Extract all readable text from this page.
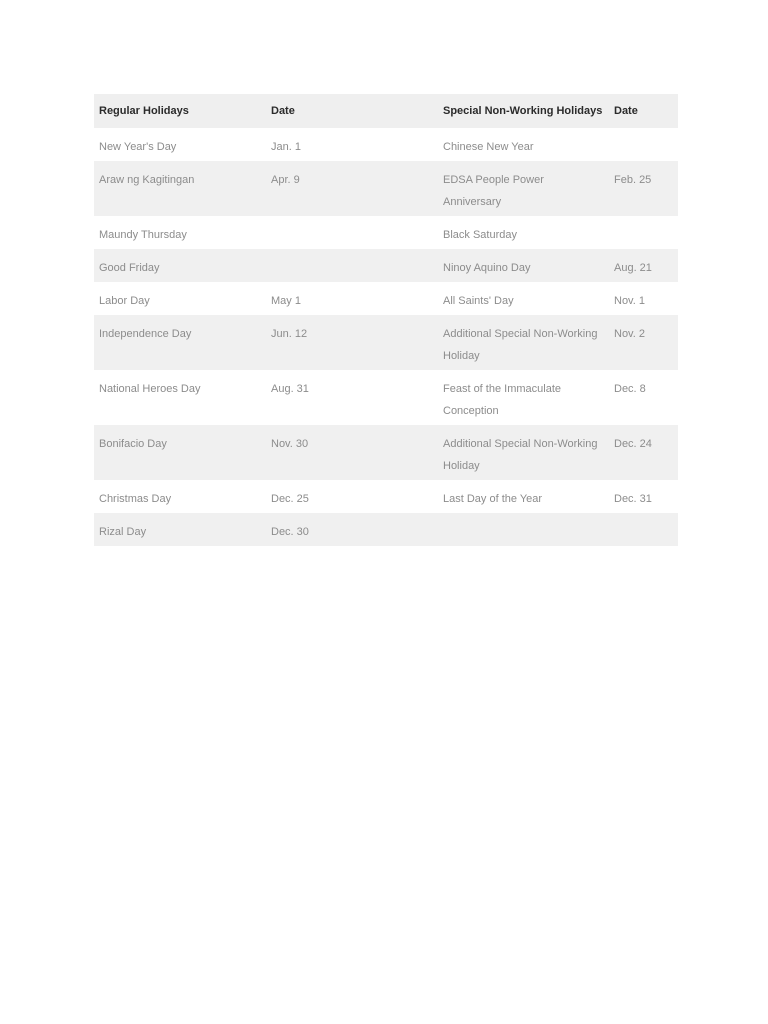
Regular Holidays	Date	Special Non-Working Holidays	Date
New Year's Day	Jan. 1	Chinese New Year	
Araw ng Kagitingan	Apr. 9	EDSA People Power Anniversary	Feb. 25
Maundy Thursday		Black Saturday	
Good Friday		Ninoy Aquino Day	Aug. 21
Labor Day	May 1	All Saints' Day	Nov. 1
Independence Day	Jun. 12	Additional Special Non-Working Holiday	Nov. 2
National Heroes Day	Aug. 31	Feast of the Immaculate Conception	Dec. 8
Bonifacio Day	Nov. 30	Additional Special Non-Working Holiday	Dec. 24
Christmas Day	Dec. 25	Last Day of the Year	Dec. 31
Rizal Day	Dec. 30		
